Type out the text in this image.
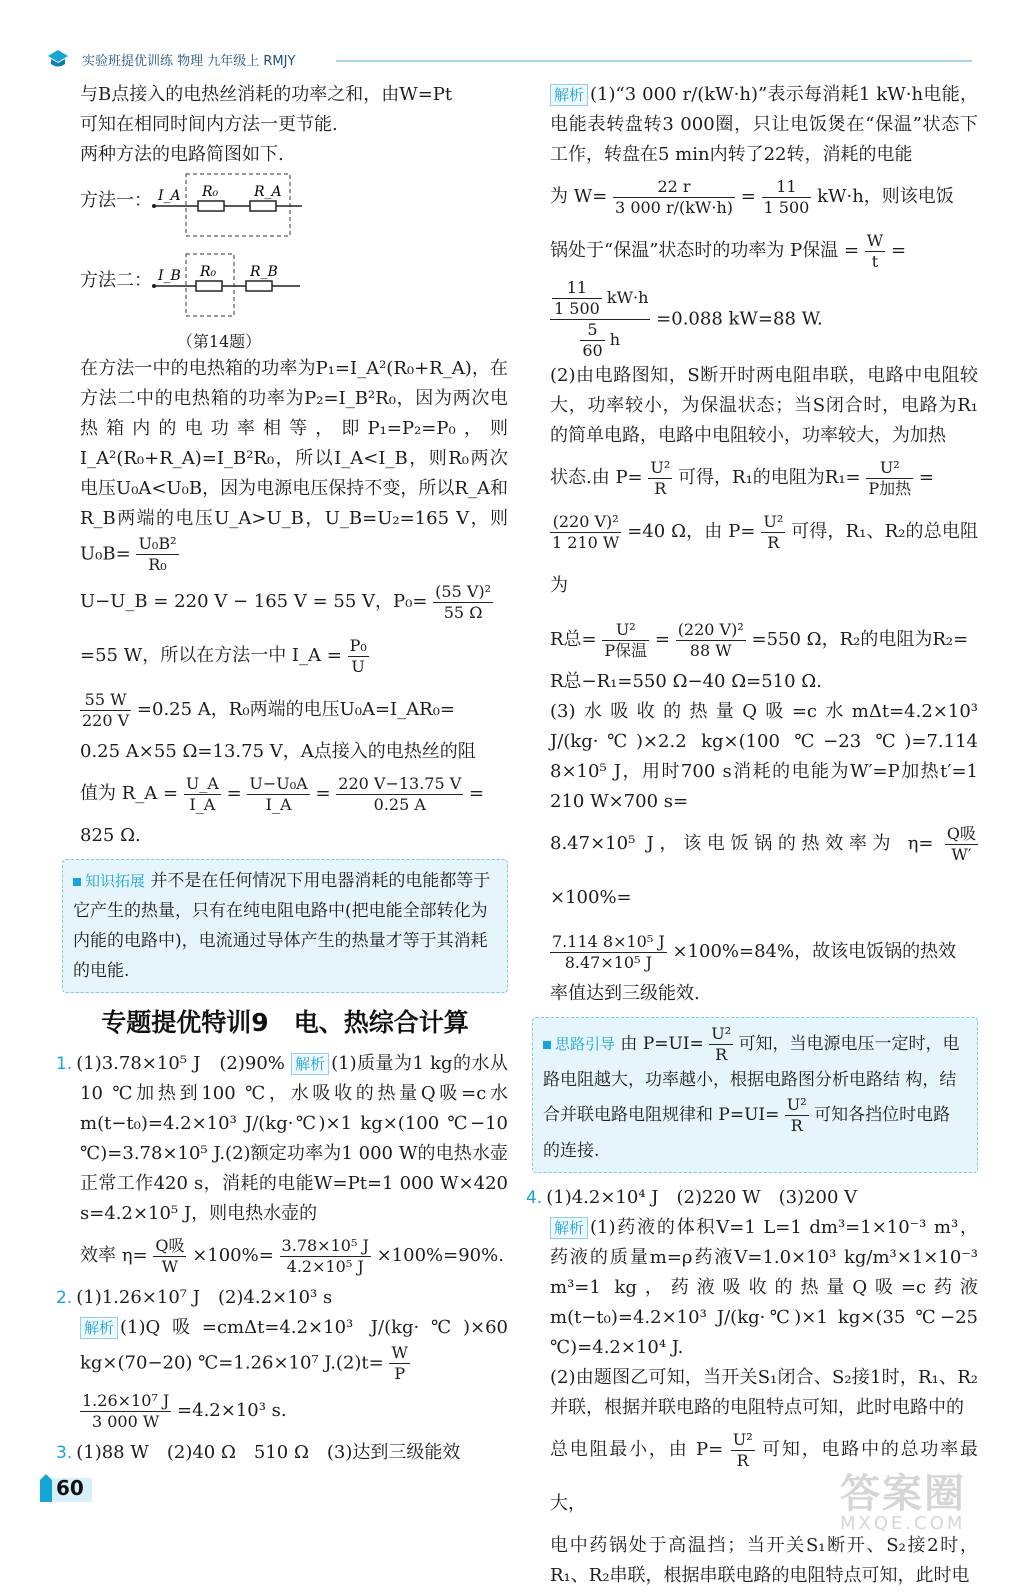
实验班提优训练 物理 九年级上 RMJY

与B点接入的电热丝消耗的功率之和，由W=Pt

可知在相同时间内方法一更节能.

两种方法的电路简图如下.

方法一： I_A R₀	R_A
方法二： I_B R₀ R_B
（第14题）

在方法一中的电热箱的功率为P₁=I_A²(R₀+R_A)，在方法二中的电热箱的功率为P₂=I_B²R₀，因为两次电热箱内的电功率相等，即P₁=P₂=P₀，则I_A²(R₀+R_A)=I_B²R₀，所以I_A<I_B，则R₀两次电压U₀A<U₀B，因为电源电压保持不变，所以R_A和R_B两端的电压U_A>U_B，U_B=U₂=165 V，则$U_0B= \frac{\text{U₀B²}}{\text{R₀}}$

U−U_B = 220 V − 165 V = 55 V，$P_0= \frac{\text{(55 V)²}}{55 \Omega}$

=55 W，所以在方法一中 I_A = $\frac{\text{P₀}}{U}$

$\frac{55 W}{220 V} =0.25$ A，R₀两端的电压U₀A=I_AR₀=

0.25 A×55 Ω=13.75 V，A点接入的电热丝的阻

值为 R_A = $\frac{U\_A}{I\_A} = \frac{\text{U−U₀A}}{I\_A} = \frac{220 V-13.75 V}{0.25 A}$ =

825 Ω.

知识拓展 并不是在任何情况下用电器消耗的电能都等于它产生的热量，只有在纯电阻电路中(把电能全部转化为内能的电路中)，电流通过导体产生的热量才等于其消耗的电能.
专题提优特训9　电、热综合计算

1. (1)3.78×10⁵ J　(2)90% 解析 (1)质量为1 kg的水从10 ℃加热到100 ℃，水吸收的热量Q吸=c水m(t−t₀)=4.2×10³ J/(kg·℃)×1 kg×(100 ℃−10 ℃)=3.78×10⁵ J.(2)额定功率为1 000 W的电热水壶正常工作420 s，消耗的电能W=Pt=1 000 W×420 s=4.2×10⁵ J，则电热水壶的

效率 $\eta= \frac{\text{Q吸}}{W} \times 100\%= \frac{\text{3.78×10⁵ J}}{\text{4.2×10⁵ J}} \times 100\%=90\%$.

2. (1)1.26×10⁷ J　(2)4.2×10³ s

解析 (1)Q吸=cmΔt=4.2×10³ J/(kg·℃)×60 kg×(70−20) ℃=1.26×10⁷ $J.(2)t= \frac{W}{P}$

$\frac{\text{1.26×10⁷ J}}{3 000 W} =4.2\times 10^3$ s.

3. (1)88 W　(2)40 Ω　510 Ω　(3)达到三级能效

解析 (1)“3 000 r/(kW·h)”表示每消耗1 kW·h电能，电能表转盘转3 000圈，只让电饭煲在“保温”状态下工作，转盘在5 min内转了22转，消耗的电能

为 $W= \frac{22 r}{3 000 r/(kW\cdot h)} = \frac{11}{1 500} kW\cdot h$，则该电饭

锅处于“保温”状态时的功率为 P保温 = $\frac{W}{t}$ =

$\frac{\frac{11}{1 500} kW\cdot h}{\frac{5}{60} h} =0.088$ kW=88 W.

(2)由电路图知，S断开时两电阻串联，电路中电阻较大，功率较小，为保温状态；当S闭合时，电路为R₁的简单电路，电路中电阻较小，功率较大，为加热

状态.由 $P= \frac{\text{U²}}{R}$ 可得，R₁的电阻为$R_1= \frac{\text{U²}}{\text{P加热}}$ =

$\frac{\text{(220 V)²}}{1 210 W} =40$ Ω，由 $P= \frac{\text{U²}}{R}$ 可得，R₁、R₂的总电阻为

R总= $\frac{\text{U²}}{\text{P保温}} = \frac{\text{(220 V)²}}{88 W} =550$ Ω，R₂的电阻为R₂=

R总−R₁=550 Ω−40 Ω=510 Ω.

(3)水吸收的热量Q吸=c水mΔt=4.2×10³ J/(kg·℃)×2.2 kg×(100 ℃−23 ℃)=7.114 8×10⁵ J，用时700 s消耗的电能为W′=P加热t′=1 210 W×700 s=

8.47×10⁵ J，该电饭锅的热效率为 $\eta= \frac{\text{Q吸}}{W'}$
×100%=

$\frac{\text{7.114 8×10⁵ J}}{\text{8.47×10⁵ J}} \times 100\%=84\%$，故该电饭锅的热效

率值达到三级能效.

思路引导 由 $P=UI= \frac{\text{U²}}{R}$ 可知，当电源电压一定时，电路电阻越大，功率越小，根据电路图分析电路结 构，结合并联电路电阻规律和 $P=UI= \frac{\text{U²}}{R}$ 可知各挡位时电路的连接.

4. (1)4.2×10⁴ J　(2)220 W　(3)200 V

解析 (1)药液的体积V=1 L=1 dm³=1×10⁻³ m³，药液的质量m=ρ药液V=1.0×10³ kg/m³×1×10⁻³ m³=1 kg，药液吸收的热量Q吸=c药液m(t−t₀)=4.2×10³ J/(kg·℃)×1 kg×(35 ℃−25 ℃)=4.2×10⁴ J.

(2)由题图乙可知，当开关S₁闭合、S₂接1时，R₁、R₂并联，根据并联电路的电阻特点可知，此时电路中的

总电阻最小，由 $P= \frac{\text{U²}}{R}$ 可知，电路中的总功率最大，

电中药锅处于高温挡；当开关S₁断开、S₂接2时，R₁、R₂串联，根据串联电路的电阻特点可知，此时电

60	答案圈
MXQE.COM
